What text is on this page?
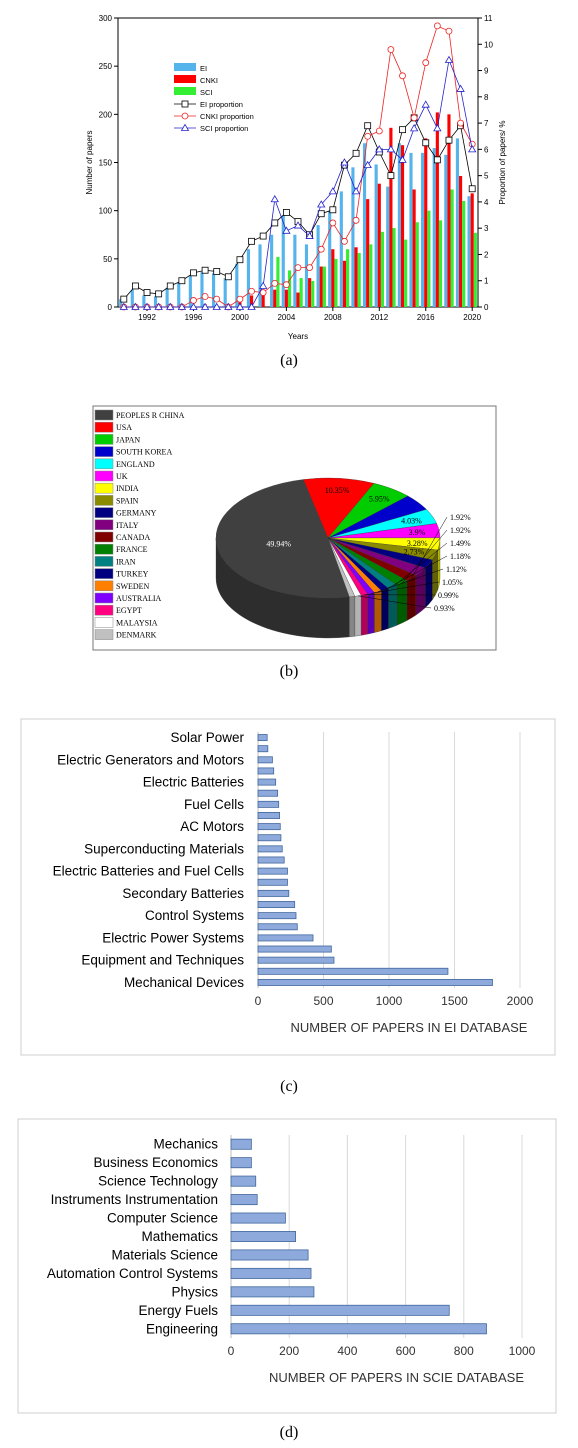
0
50
100
150
200
250
300
0
1
2
3
4
5
6
7
8
9
10
11
1992	1996	2000	2004	2008	2012	2016	2020
Years
Number of papers	Proportion of papers/ %
EI
CNKI
SCI
EI proportion
CNKI proportion
SCI proportion
(a)
PEOPLES R CHINA
USA
JAPAN
SOUTH KOREA
ENGLAND
UK
INDIA
SPAIN
GERMANY
ITALY
CANADA
FRANCE
IRAN
TURKEY
SWEDEN
AUSTRALIA
EGYPT
MALAYSIA
DENMARK
49.94%
10.35%
5.95%
4.03%
3.9%
3.28%
2.73%
1.92%
1.92%
1.49%
1.18%
1.12%
1.05%
0.99%
0.93%
(b)
0	500	1000	1500	2000
NUMBER OF PAPERS IN EI DATABASE
Mechanical Devices
Equipment and Techniques
Electric Power Systems
Control Systems
Secondary Batteries
Electric Batteries and Fuel Cells
Superconducting Materials
AC Motors
Fuel Cells
Electric Batteries
Electric Generators and Motors
Solar Power
(c)
0	200	400	600	800	1000
NUMBER OF PAPERS IN SCIE DATABASE
Engineering
Energy Fuels
Physics
Automation Control Systems
Materials Science
Mathematics
Computer Science
Instruments Instrumentation
Science Technology
Business Economics
Mechanics
(d)
